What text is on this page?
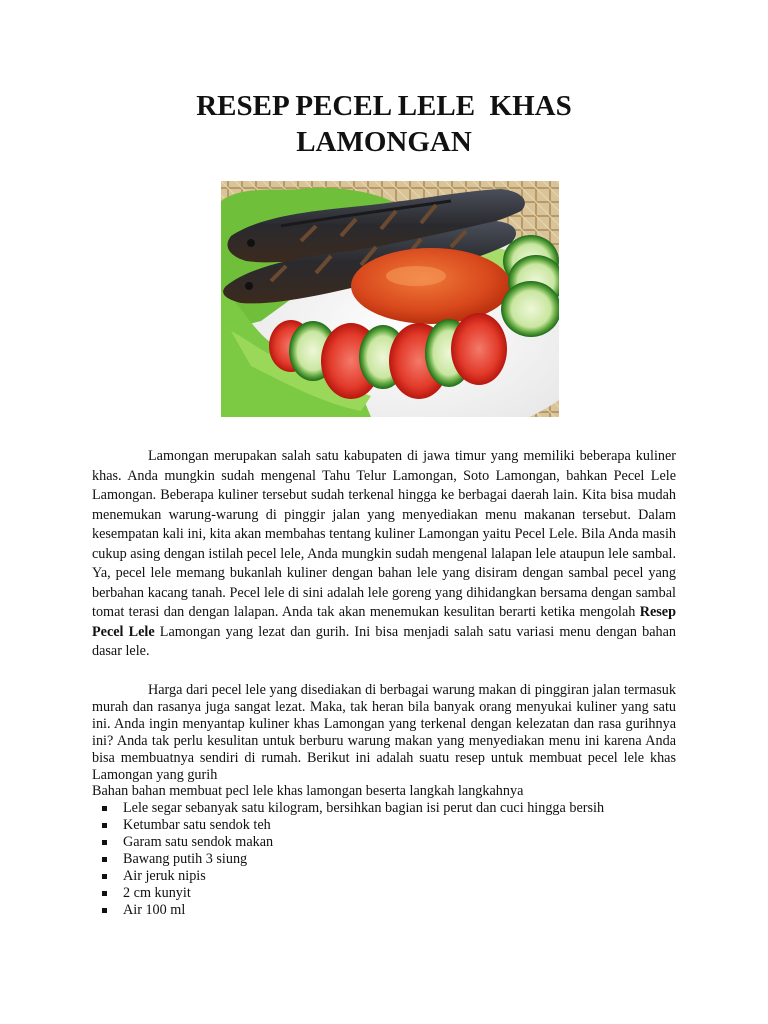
RESEP PECEL LELE  KHAS
LAMONGAN

Lamongan merupakan salah satu kabupaten di jawa timur yang memiliki beberapa kuliner khas. Anda mungkin sudah mengenal Tahu Telur Lamongan, Soto Lamongan, bahkan Pecel Lele Lamongan. Beberapa kuliner tersebut sudah terkenal hingga ke berbagai daerah lain. Kita bisa mudah menemukan warung-warung di pinggir jalan yang menyediakan menu makanan tersebut. Dalam kesempatan kali ini, kita akan membahas tentang kuliner Lamongan yaitu Pecel Lele. Bila Anda masih cukup asing dengan istilah pecel lele, Anda mungkin sudah mengenal lalapan lele ataupun lele sambal. Ya, pecel lele memang bukanlah kuliner dengan bahan lele yang disiram dengan sambal pecel yang berbahan kacang tanah. Pecel lele di sini adalah lele goreng yang dihidangkan bersama dengan sambal tomat terasi dan dengan lalapan. Anda tak akan menemukan kesulitan berarti ketika mengolah Resep Pecel Lele Lamongan yang lezat dan gurih. Ini bisa menjadi salah satu variasi menu dengan bahan dasar lele.

Harga dari pecel lele yang disediakan di berbagai warung makan di pinggiran jalan termasuk murah dan rasanya juga sangat lezat. Maka, tak heran bila banyak orang menyukai kuliner yang satu ini. Anda ingin menyantap kuliner khas Lamongan yang terkenal dengan kelezatan dan rasa gurihnya ini? Anda tak perlu kesulitan untuk berburu warung makan yang menyediakan menu ini karena Anda bisa membuatnya sendiri di rumah. Berikut ini adalah suatu resep untuk membuat pecel lele khas Lamongan yang gurih

Bahan bahan membuat pecl lele khas lamongan beserta langkah langkahnya

Lele segar sebanyak satu kilogram, bersihkan bagian isi perut dan cuci hingga bersih
Ketumbar satu sendok teh
Garam satu sendok makan
Bawang putih 3 siung
Air jeruk nipis
2 cm kunyit
Air 100 ml
